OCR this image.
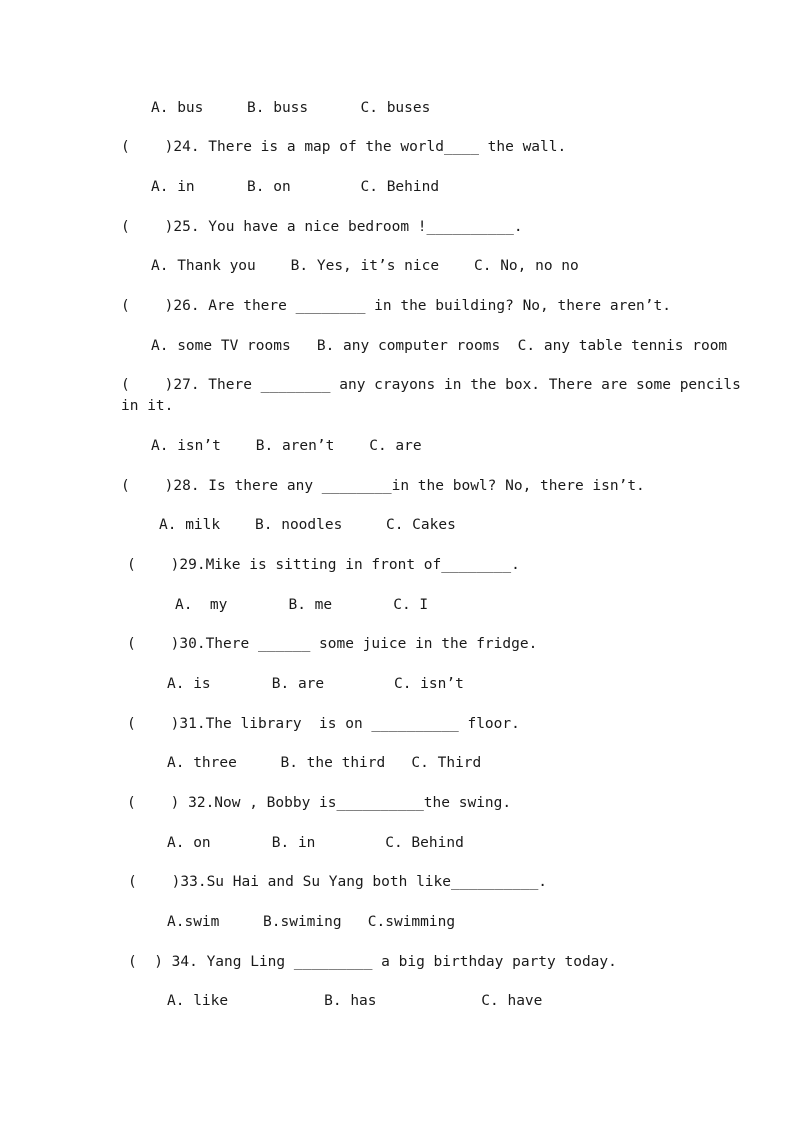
A. bus     B. buss      C. buses
(    )24. There is a map of the world____ the wall.
A. in      B. on        C. Behind
(    )25. You have a nice bedroom !__________.
A. Thank you    B. Yes, it’s nice    C. No, no no
(    )26. Are there ________ in the building? No, there aren’t.
A. some TV rooms   B. any computer rooms  C. any table tennis room
(    )27. There ________ any crayons in the box. There are some pencils
in it.
A. isn’t    B. aren’t    C. are
(    )28. Is there any ________in the bowl? No, there isn’t.
A. milk    B. noodles     C. Cakes
(    )29.Mike is sitting in front of________.
A.  my       B. me       C. I
(    )30.There ______ some juice in the fridge.
A. is       B. are        C. isn’t
(    )31.The library  is on __________ floor.
A. three     B. the third   C. Third
(    ) 32.Now , Bobby is__________the swing.
A. on       B. in        C. Behind
(    )33.Su Hai and Su Yang both like__________.
A.swim     B.swiming   C.swimming
(  ) 34. Yang Ling _________ a big birthday party today.
A. like           B. has            C. have
